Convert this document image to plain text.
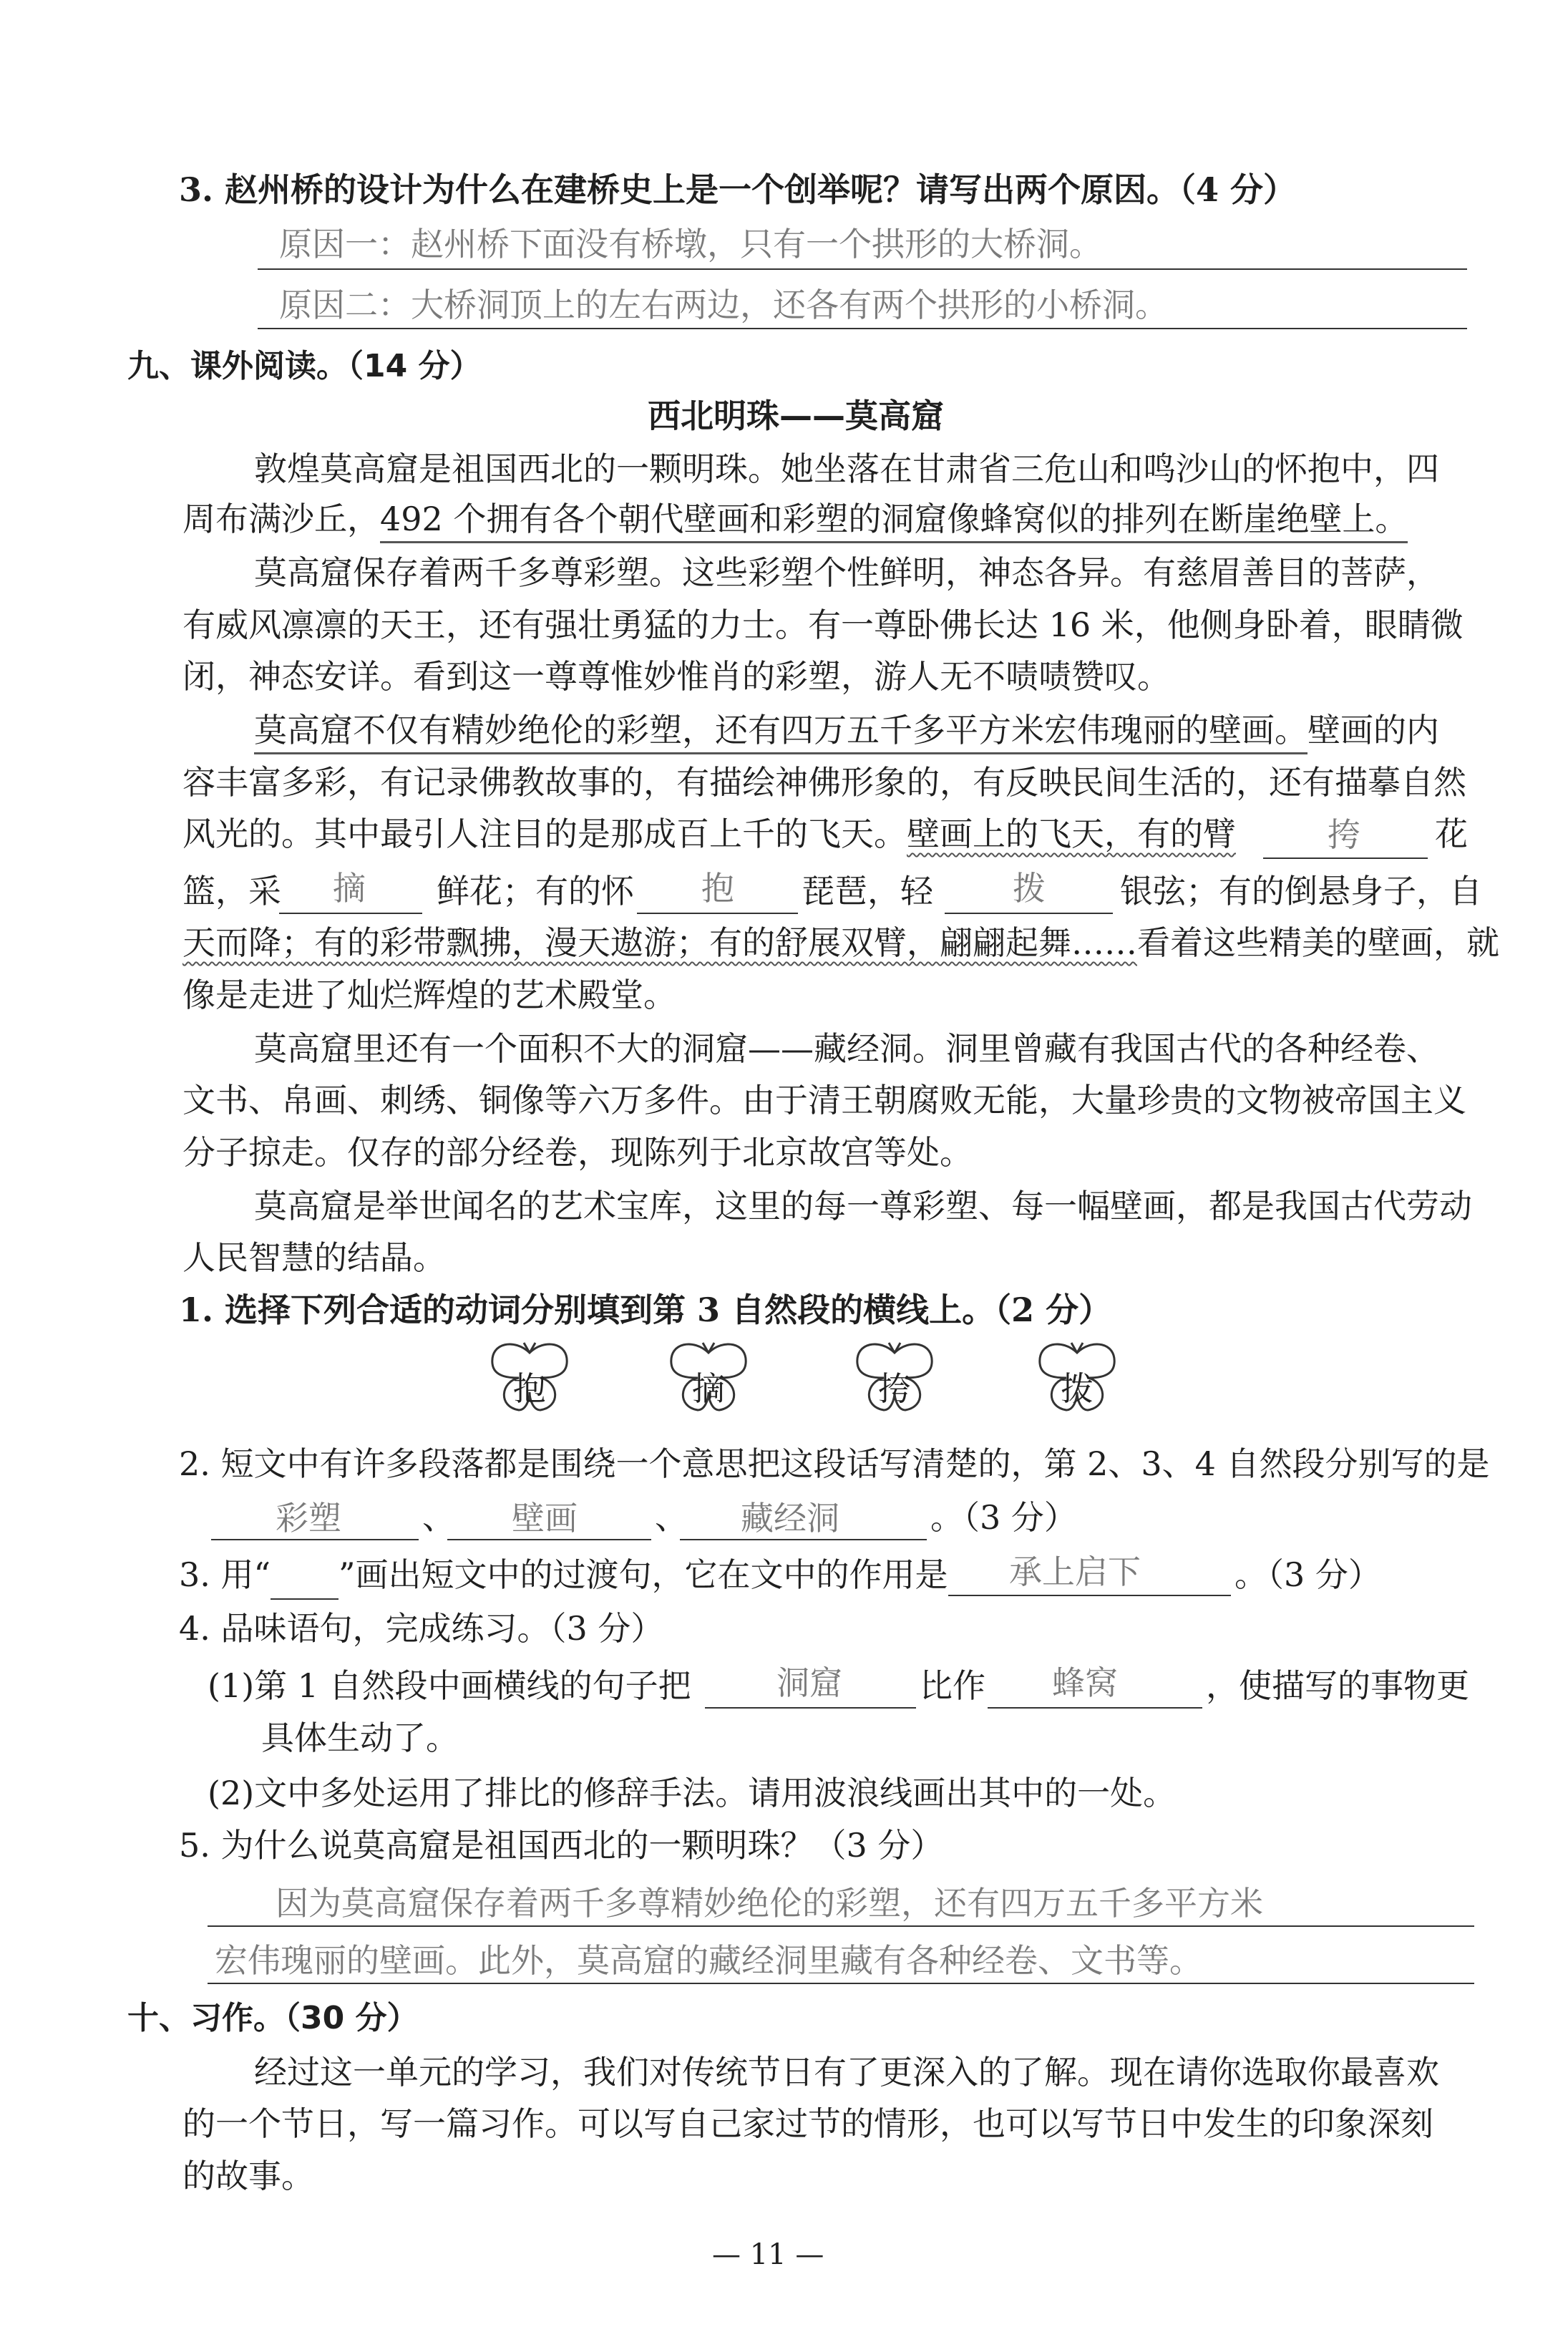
3. 赵州桥的设计为什么在建桥史上是一个创举呢？请写出两个原因。（4 分）
原因一：赵州桥下面没有桥墩，只有一个拱形的大桥洞。
原因二：大桥洞顶上的左右两边，还各有两个拱形的小桥洞。
九、课外阅读。（14 分）
西北明珠——莫高窟
敦煌莫高窟是祖国西北的一颗明珠。她坐落在甘肃省三危山和鸣沙山的怀抱中，四
周布满沙丘，492 个拥有各个朝代壁画和彩塑的洞窟像蜂窝似的排列在断崖绝壁上。
莫高窟保存着两千多尊彩塑。这些彩塑个性鲜明，神态各异。有慈眉善目的菩萨，
有威风凛凛的天王，还有强壮勇猛的力士。有一尊卧佛长达 16 米，他侧身卧着，眼睛微
闭，神态安详。看到这一尊尊惟妙惟肖的彩塑，游人无不啧啧赞叹。
莫高窟不仅有精妙绝伦的彩塑，还有四万五千多平方米宏伟瑰丽的壁画。壁画的内
容丰富多彩，有记录佛教故事的，有描绘神佛形象的，有反映民间生活的，还有描摹自然
风光的。其中最引人注目的是那成百上千的飞天。壁画上的飞天，有的臂	挎 花
篮，采 摘 鲜花；有的怀 抱 琵琶，轻 拨 银弦；有的倒悬身子，自
天而降；有的彩带飘拂，漫天遨游；有的舒展双臂，翩翩起舞……看着这些精美的壁画，就
像是走进了灿烂辉煌的艺术殿堂。
莫高窟里还有一个面积不大的洞窟——藏经洞。洞里曾藏有我国古代的各种经卷、
文书、帛画、刺绣、铜像等六万多件。由于清王朝腐败无能，大量珍贵的文物被帝国主义
分子掠走。仅存的部分经卷，现陈列于北京故宫等处。
莫高窟是举世闻名的艺术宝库，这里的每一尊彩塑、每一幅壁画，都是我国古代劳动
人民智慧的结晶。
1. 选择下列合适的动词分别填到第 3 自然段的横线上。（2 分）
抱	摘	挎	拨
2. 短文中有许多段落都是围绕一个意思把这段话写清楚的，第 2、3、4 自然段分别写的是
彩塑 、 壁画 、 藏经洞	。（3 分）
3. 用“ ”画出短文中的过渡句，它在文中的作用是 承上启下	。（3 分）
4. 品味语句，完成练习。（3 分）
(1)第 1 自然段中画横线的句子把	洞窟 比作 蜂窝	，使描写的事物更
具体生动了。
(2)文中多处运用了排比的修辞手法。请用波浪线画出其中的一处。
5. 为什么说莫高窟是祖国西北的一颗明珠？（3 分）
因为莫高窟保存着两千多尊精妙绝伦的彩塑，还有四万五千多平方米
宏伟瑰丽的壁画。此外，莫高窟的藏经洞里藏有各种经卷、文书等。
十、习作。（30 分）
经过这一单元的学习，我们对传统节日有了更深入的了解。现在请你选取你最喜欢
的一个节日，写一篇习作。可以写自己家过节的情形，也可以写节日中发生的印象深刻
的故事。
— 11 —
